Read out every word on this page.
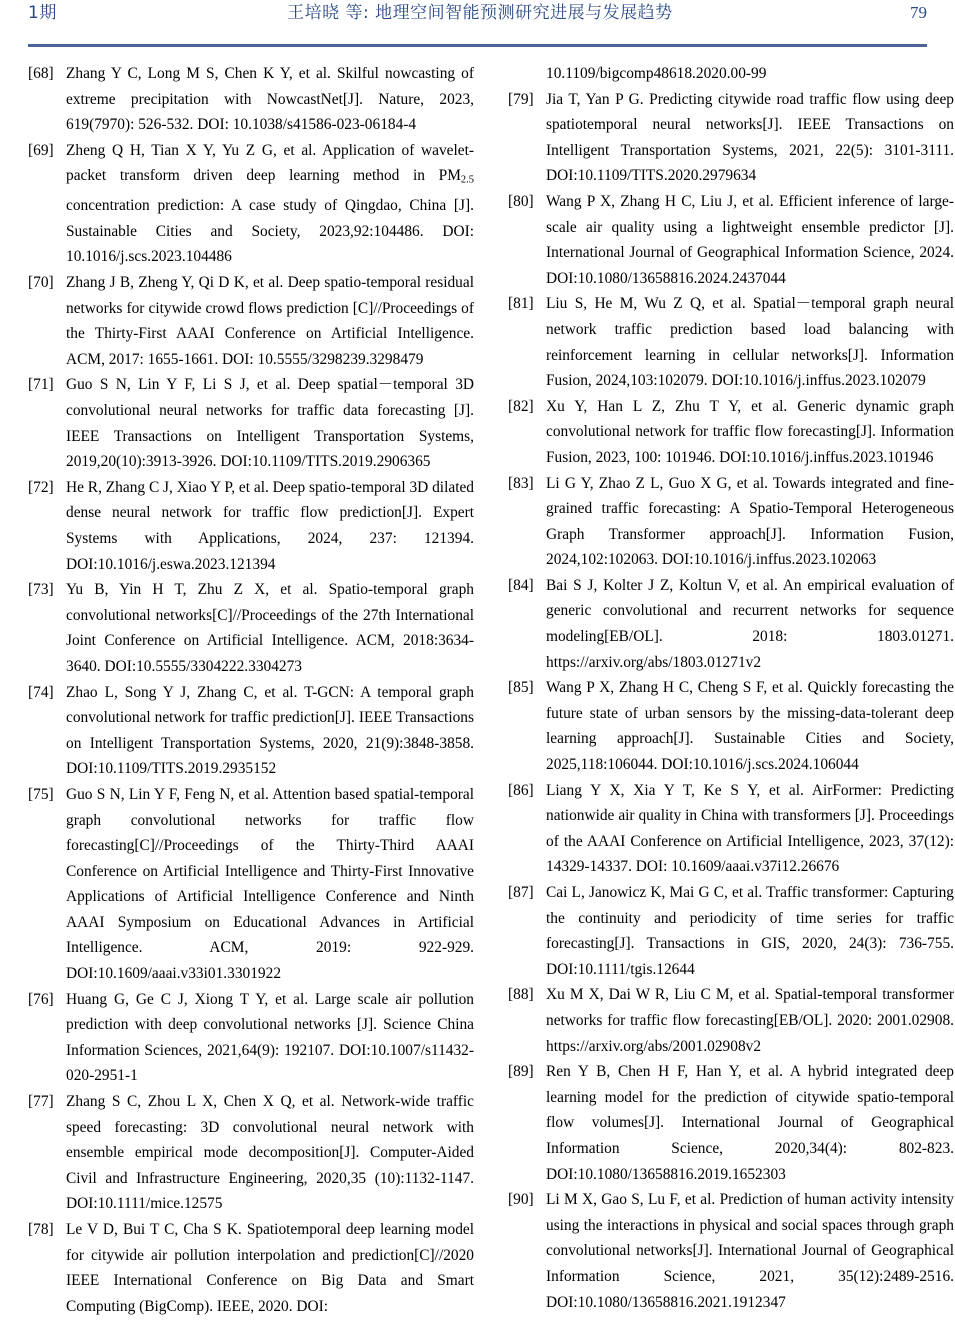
1期	王培晓 等: 地理空间智能预测研究进展与发展趋势	79
[68] Zhang Y C, Long M S, Chen K Y, et al. Skilful nowcasting of extreme precipitation with NowcastNet[J]. Nature, 2023, 619(7970): 526-532. DOI: 10.1038/s41586-023-06184-4
[69] Zheng Q H, Tian X Y, Yu Z G, et al. Application of wavelet-packet transform driven deep learning method in $PM_{2.5}$ concentration prediction: A case study of Qingdao, China [J]. Sustainable Cities and Society, 2023,92:104486. DOI: 10.1016/j.scs.2023.104486
[70] Zhang J B, Zheng Y, Qi D K, et al. Deep spatio-temporal residual networks for citywide crowd flows prediction [C]//Proceedings of the Thirty-First AAAI Conference on Artificial Intelligence. ACM, 2017: 1655-1661. DOI: 10.5555/3298239.3298479
[71] Guo S N, Lin Y F, Li S J, et al. Deep spatial－temporal 3D convolutional neural networks for traffic data forecasting [J]. IEEE Transactions on Intelligent Transportation Systems, 2019,20(10):3913-3926. DOI:10.1109/TITS.2019.2906365
[72] He R, Zhang C J, Xiao Y P, et al. Deep spatio-temporal 3D dilated dense neural network for traffic flow prediction[J]. Expert Systems with Applications, 2024, 237: 121394. DOI:10.1016/j.eswa.2023.121394
[73] Yu B, Yin H T, Zhu Z X, et al. Spatio-temporal graph convolutional networks[C]//Proceedings of the 27th International Joint Conference on Artificial Intelligence. ACM, 2018:3634-3640. DOI:10.5555/3304222.3304273
[74] Zhao L, Song Y J, Zhang C, et al. T-GCN: A temporal graph convolutional network for traffic prediction[J]. IEEE Transactions on Intelligent Transportation Systems, 2020, 21(9):3848-3858. DOI:10.1109/TITS.2019.2935152
[75] Guo S N, Lin Y F, Feng N, et al. Attention based spatial-temporal graph convolutional networks for traffic flow forecasting[C]//Proceedings of the Thirty-Third AAAI Conference on Artificial Intelligence and Thirty-First Innovative Applications of Artificial Intelligence Conference and Ninth AAAI Symposium on Educational Advances in Artificial Intelligence. ACM, 2019: 922-929. DOI:10.1609/aaai.v33i01.3301922
[76] Huang G, Ge C J, Xiong T Y, et al. Large scale air pollution prediction with deep convolutional networks [J]. Science China Information Sciences, 2021,64(9): 192107. DOI:10.1007/s11432-020-2951-1
[77] Zhang S C, Zhou L X, Chen X Q, et al. Network-wide traffic speed forecasting: 3D convolutional neural network with ensemble empirical mode decomposition[J]. Computer-Aided Civil and Infrastructure Engineering, 2020,35 (10):1132-1147. DOI:10.1111/mice.12575
[78] Le V D, Bui T C, Cha S K. Spatiotemporal deep learning model for citywide air pollution interpolation and prediction[C]//2020 IEEE International Conference on Big Data and Smart Computing (BigComp). IEEE, 2020. DOI:
10.1109/bigcomp48618.2020.00-99
[79] Jia T, Yan P G. Predicting citywide road traffic flow using deep spatiotemporal neural networks[J]. IEEE Transactions on Intelligent Transportation Systems, 2021, 22(5): 3101-3111. DOI:10.1109/TITS.2020.2979634
[80] Wang P X, Zhang H C, Liu J, et al. Efficient inference of large-scale air quality using a lightweight ensemble predictor [J]. International Journal of Geographical Information Science, 2024. DOI:10.1080/13658816.2024.2437044
[81] Liu S, He M, Wu Z Q, et al. Spatial－temporal graph neural network traffic prediction based load balancing with reinforcement learning in cellular networks[J]. Information Fusion, 2024,103:102079. DOI:10.1016/j.inffus.2023.102079
[82] Xu Y, Han L Z, Zhu T Y, et al. Generic dynamic graph convolutional network for traffic flow forecasting[J]. Information Fusion, 2023, 100: 101946. DOI:10.1016/j.inffus.2023.101946
[83] Li G Y, Zhao Z L, Guo X G, et al. Towards integrated and fine-grained traffic forecasting: A Spatio-Temporal Heterogeneous Graph Transformer approach[J]. Information Fusion, 2024,102:102063. DOI:10.1016/j.inffus.2023.102063
[84] Bai S J, Kolter J Z, Koltun V, et al. An empirical evaluation of generic convolutional and recurrent networks for sequence modeling[EB/OL]. 2018: 1803.01271. https://arxiv.org/abs/1803.01271v2
[85] Wang P X, Zhang H C, Cheng S F, et al. Quickly forecasting the future state of urban sensors by the missing-data-tolerant deep learning approach[J]. Sustainable Cities and Society, 2025,118:106044. DOI:10.1016/j.scs.2024.106044
[86] Liang Y X, Xia Y T, Ke S Y, et al. AirFormer: Predicting nationwide air quality in China with transformers [J]. Proceedings of the AAAI Conference on Artificial Intelligence, 2023, 37(12): 14329-14337. DOI: 10.1609/aaai.v37i12.26676
[87] Cai L, Janowicz K, Mai G C, et al. Traffic transformer: Capturing the continuity and periodicity of time series for traffic forecasting[J]. Transactions in GIS, 2020, 24(3): 736-755. DOI:10.1111/tgis.12644
[88] Xu M X, Dai W R, Liu C M, et al. Spatial-temporal transformer networks for traffic flow forecasting[EB/OL]. 2020: 2001.02908. https://arxiv.org/abs/2001.02908v2
[89] Ren Y B, Chen H F, Han Y, et al. A hybrid integrated deep learning model for the prediction of citywide spatio-temporal flow volumes[J]. International Journal of Geographical Information Science, 2020,34(4): 802-823. DOI:10.1080/13658816.2019.1652303
[90] Li M X, Gao S, Lu F, et al. Prediction of human activity intensity using the interactions in physical and social spaces through graph convolutional networks[J]. International Journal of Geographical Information Science, 2021, 35(12):2489-2516. DOI:10.1080/13658816.2021.1912347
